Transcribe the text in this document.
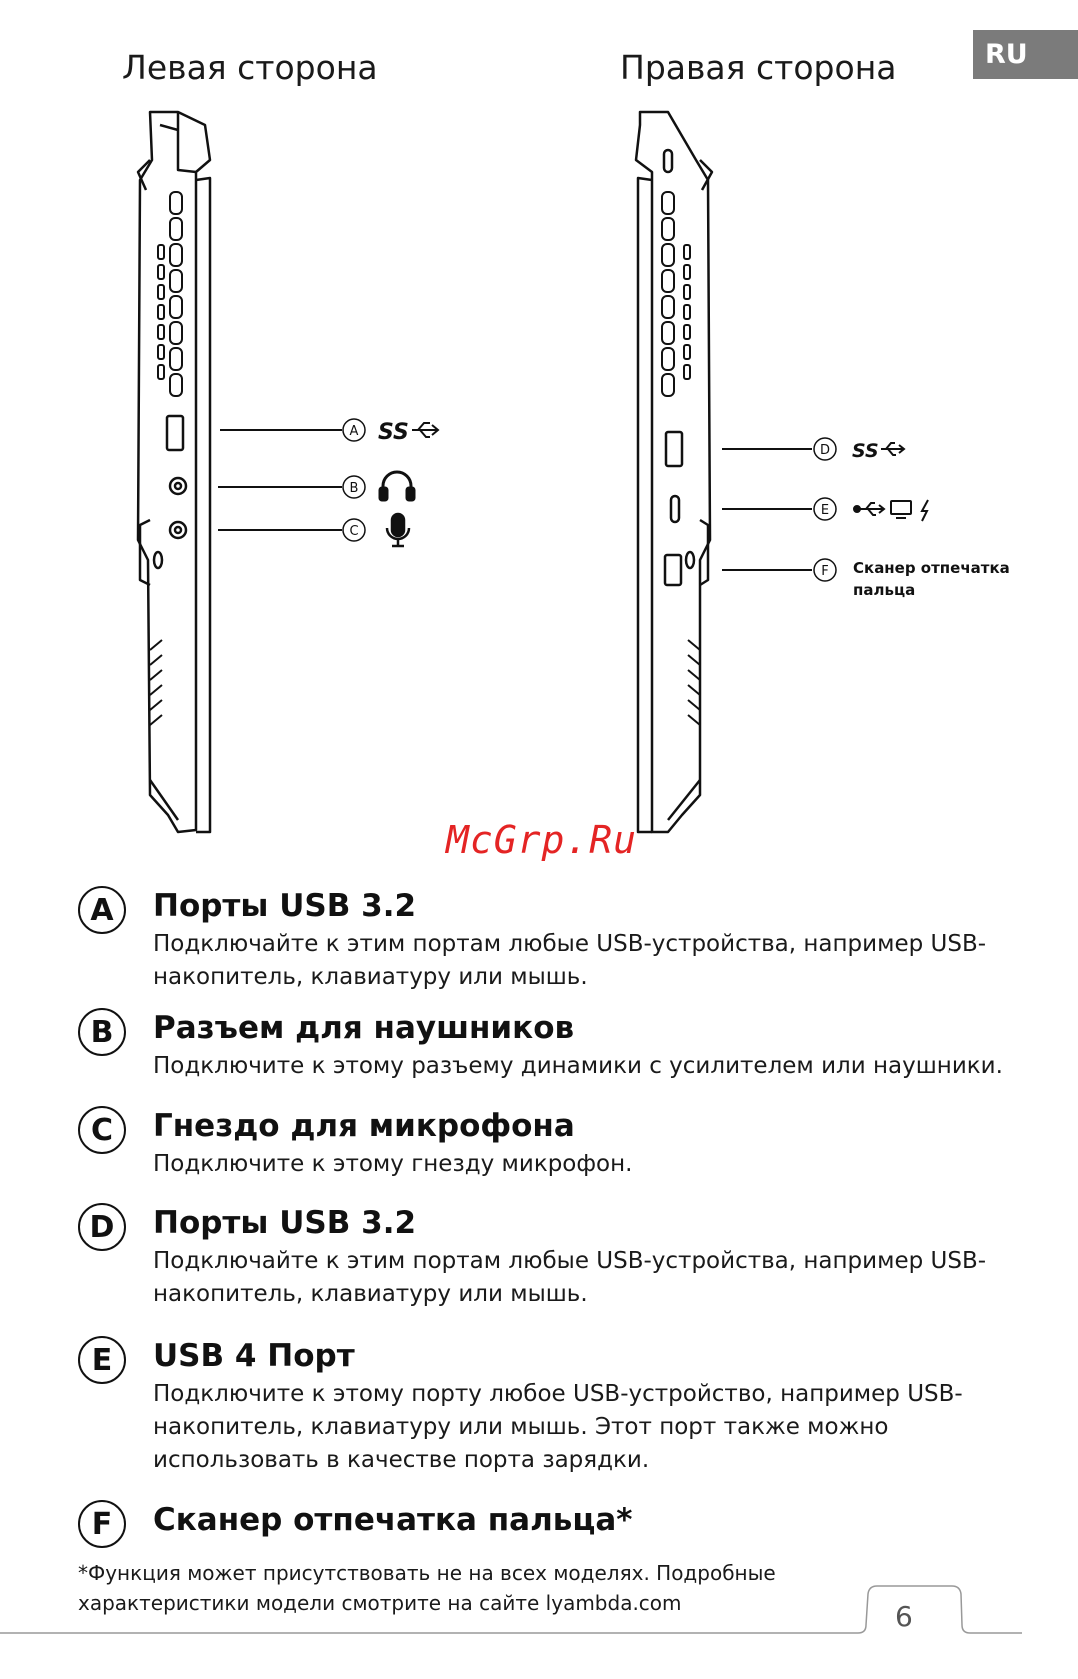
RU
Левая сторона	Правая сторона
A
B
C
D
E
F
SS
SS
Сканер отпечатка пальца
McGrp.Ru
A	Порты USB 3.2

Подключайте к этим портам любые USB-устройства, например USB-накопитель, клавиатуру или мышь.

B	Разъем для наушников

Подключите к этому разъему динамики с усилителем или наушники.

C	Гнездо для микрофона

Подключите к этому гнезду микрофон.

D	Порты USB 3.2

Подключайте к этим портам любые USB-устройства, например USB-накопитель, клавиатуру или мышь.

E	USB 4 Порт

Подключите к этому порту любое USB-устройство, например USB-накопитель, клавиатуру или мышь. Этот порт также можно использовать в качестве порта зарядки.

F	Сканер отпечатка пальца*
*Функция может присутствовать не на всех моделях. Подробные характеристики модели смотрите на сайте lyambda.com	6
